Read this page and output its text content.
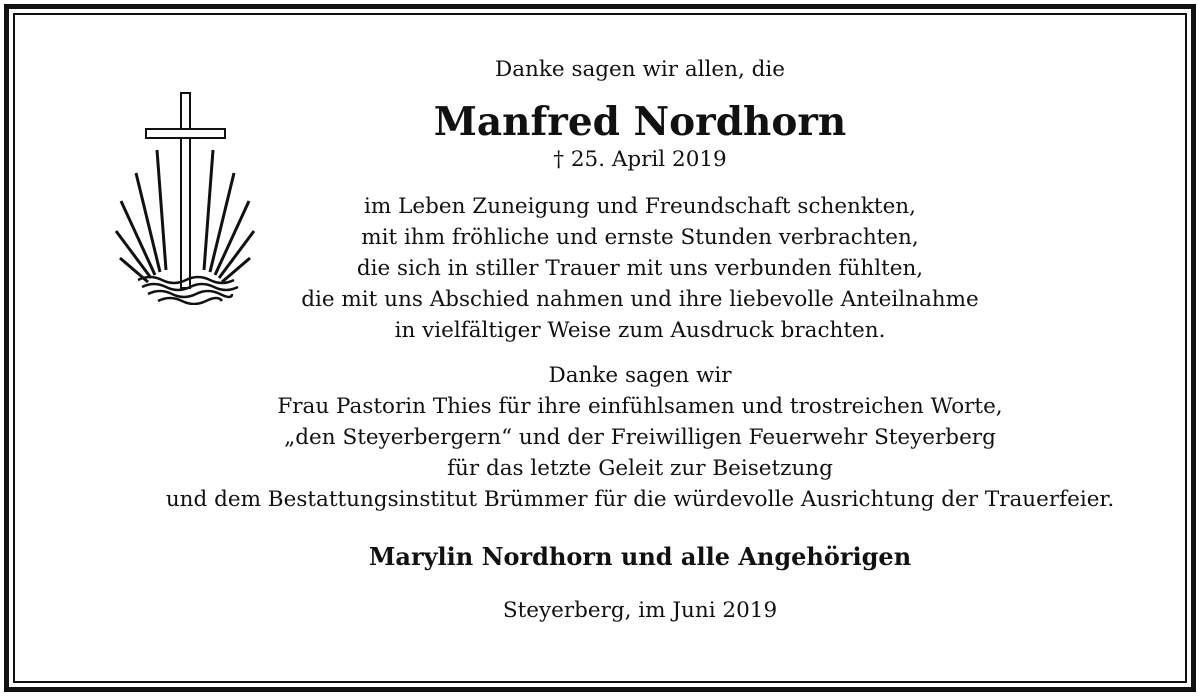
Danke sagen wir allen, die
Manfred Nordhorn
† 25. April 2019
im Leben Zuneigung und Freundschaft schenkten,
mit ihm fröhliche und ernste Stunden verbrachten,
die sich in stiller Trauer mit uns verbunden fühlten,
die mit uns Abschied nahmen und ihre liebevolle Anteilnahme
in vielfältiger Weise zum Ausdruck brachten.
Danke sagen wir
Frau Pastorin Thies für ihre einfühlsamen und trostreichen Worte,
„den Steyerbergern“ und der Freiwilligen Feuerwehr Steyerberg
für das letzte Geleit zur Beisetzung
und dem Bestattungsinstitut Brümmer für die würdevolle Ausrichtung der Trauerfeier.
Marylin Nordhorn und alle Angehörigen
Steyerberg, im Juni 2019
